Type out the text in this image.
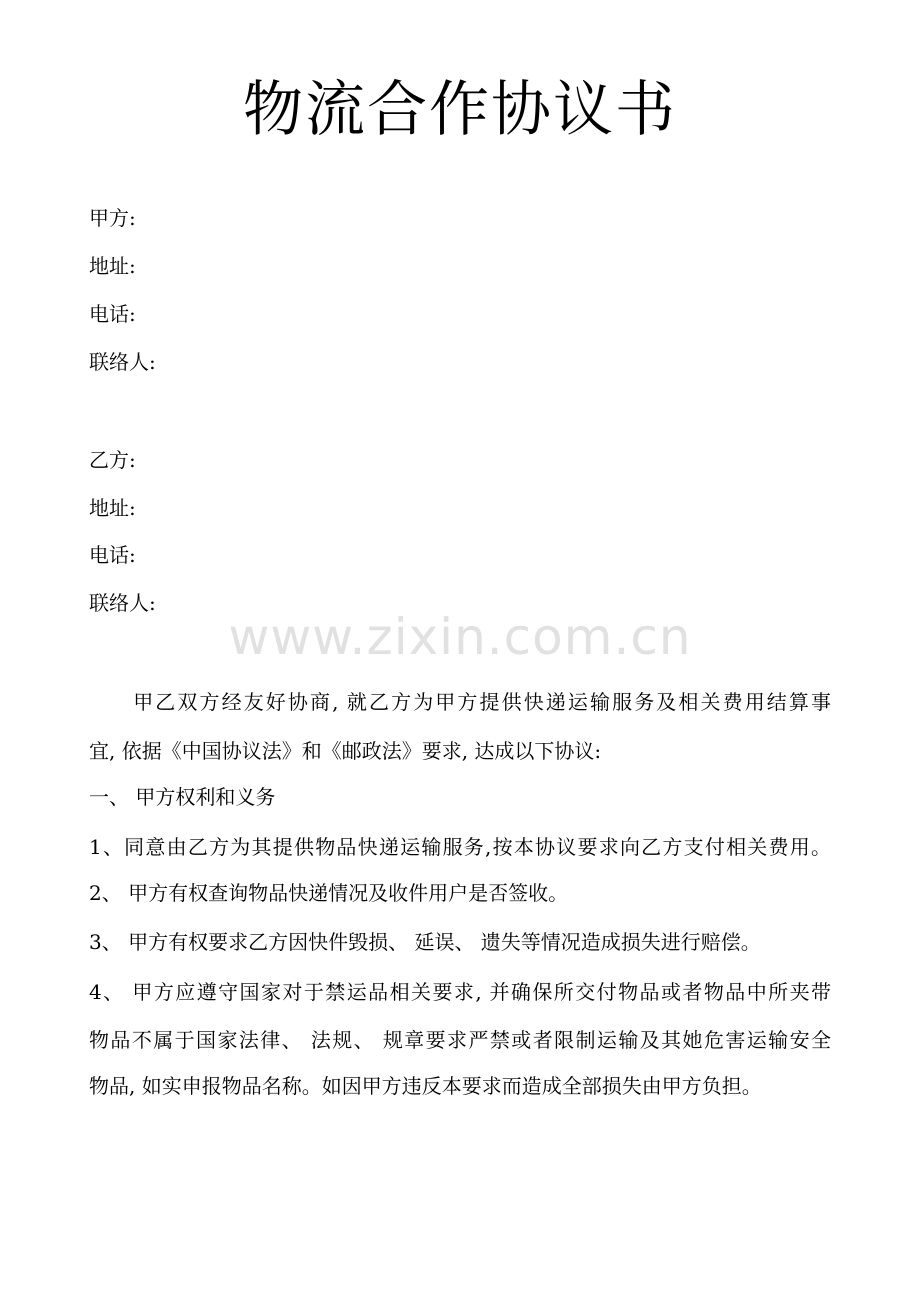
物流合作协议书
甲方:
地址:
电话:
联络人:
乙方:
地址:
电话:
联络人:
www.zixin.com.cn
　　甲乙双方经友好协商, 就乙方为甲方提供快递运输服务及相关费用结算事
宜, 依据《中国协议法》和《邮政法》要求, 达成以下协议:
一、 甲方权利和义务
1、同意由乙方为其提供物品快递运输服务,按本协议要求向乙方支付相关费用。
2、 甲方有权查询物品快递情况及收件用户是否签收。
3、 甲方有权要求乙方因快件毁损、 延误、 遗失等情况造成损失进行赔偿。
4、 甲方应遵守国家对于禁运品相关要求, 并确保所交付物品或者物品中所夹带
物品不属于国家法律、 法规、 规章要求严禁或者限制运输及其她危害运输安全
物品, 如实申报物品名称。如因甲方违反本要求而造成全部损失由甲方负担。
